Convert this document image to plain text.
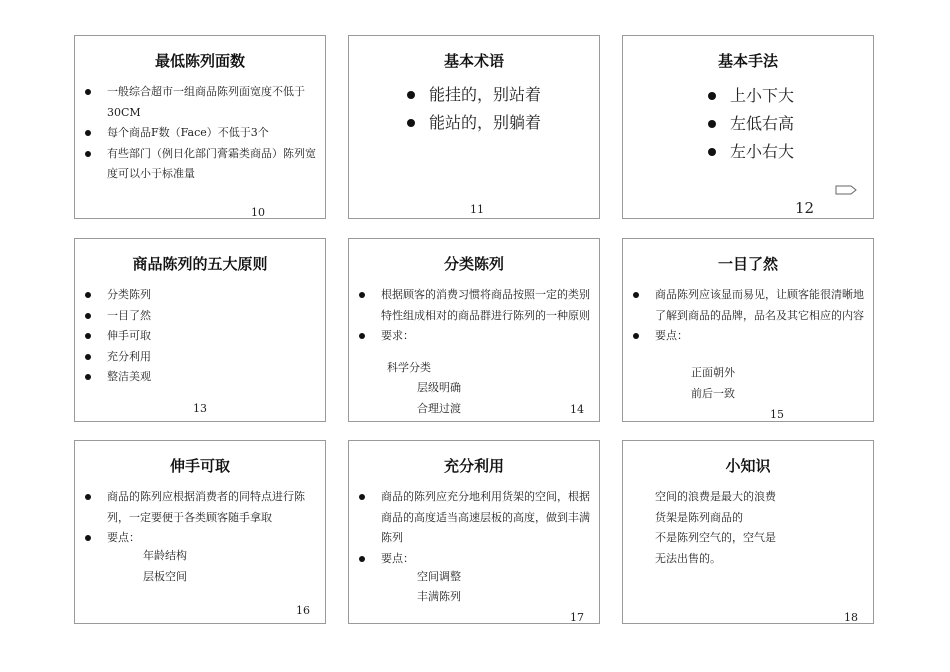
最低陈列面数
一般综合超市一组商品陈列面宽度不低于30CM
每个商品F数（Face）不低于3个
有些部门（例日化部门膏霜类商品）陈列宽度可以小于标准量
10
基本术语
能挂的，别站着
能站的，别躺着
11
基本手法
上小下大
左低右高
左小右大
12
商品陈列的五大原则
分类陈列
一目了然
伸手可取
充分利用
整洁美观
13
分类陈列
根据顾客的消费习惯将商品按照一定的类别特性组成相对的商品群进行陈列的一种原则
要求：
科学分类
层级明确
合理过渡	14
一目了然
商品陈列应该显而易见，让顾客能很清晰地了解到商品的品牌，品名及其它相应的内容
要点：
正面朝外
前后一致
15
伸手可取
商品的陈列应根据消费者的同特点进行陈列，一定要便于各类顾客随手拿取
要点：
年龄结构
层板空间
16
充分利用
商品的陈列应充分地利用货架的空间，根据商品的高度适当高速层板的高度，做到丰满陈列
要点：
空间调整
丰满陈列
17
小知识
空间的浪费是最大的浪费
货架是陈列商品的
不是陈列空气的，空气是
无法出售的。
18
